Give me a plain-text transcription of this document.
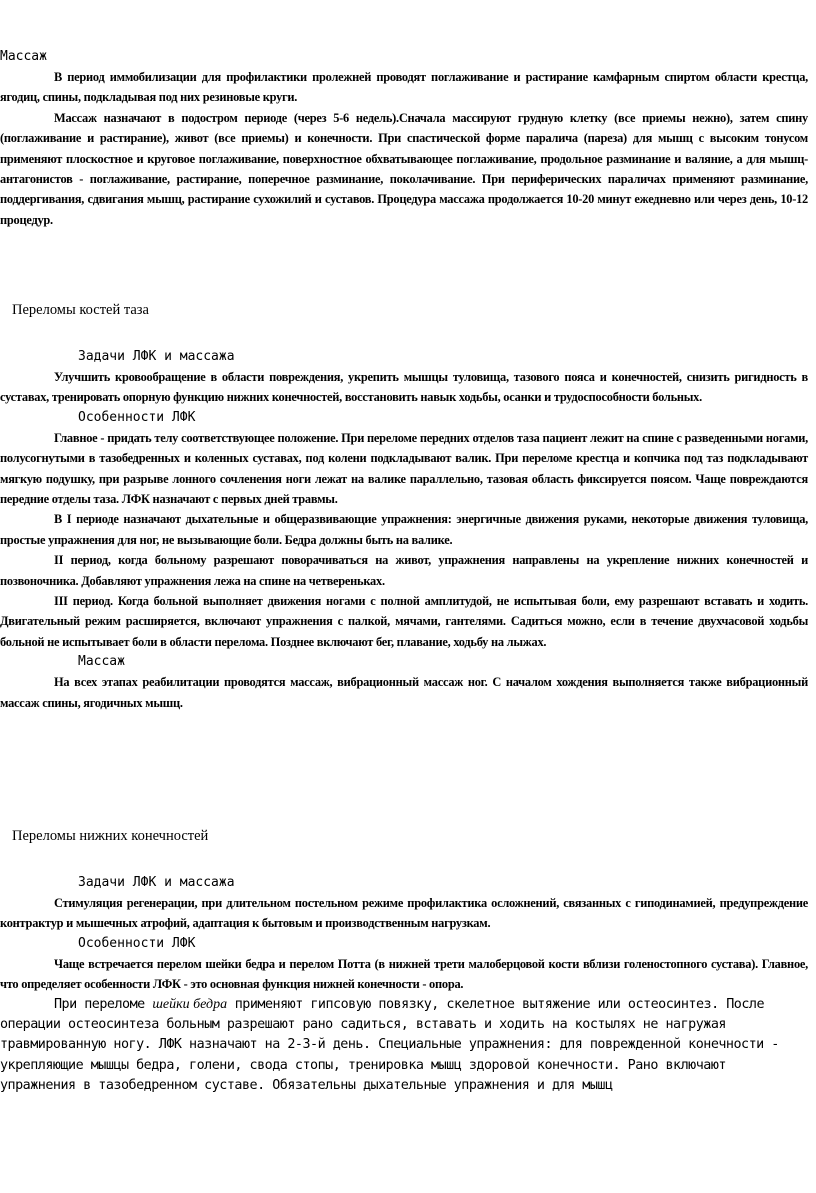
Массаж

В период иммобилизации для профилактики пролежней проводят поглаживание и растирание камфарным спиртом области крестца, ягодиц, спины, подкладывая под них резиновые круги.

Массаж назначают в подостром периоде (через 5-6 недель).Сначала массируют грудную клетку (все приемы нежно), затем спину (поглаживание и растирание), живот (все приемы) и конечности. При спастической форме паралича (пареза) для мышц с высоким тонусом применяют плоскостное и круговое поглаживание, поверхностное обхватывающее поглаживание, продольное разминание и валяние, а для мышц-антагонистов - поглаживание, растирание, поперечное разминание, поколачивание. При периферических параличах применяют разминание, поддергивания, сдвигания мышц, растирание сухожилий и суставов. Процедура массажа продолжается 10-20 минут ежедневно или через день, 10-12 процедур.

Переломы костей таза

Задачи ЛФК и массажа

Улучшить кровообращение в области повреждения, укрепить мышцы туловища, тазового пояса и конечностей, снизить ригидность в суставах, тренировать опорную функцию нижних конечностей, восстановить навык ходьбы, осанки и трудоспособности больных.

Особенности ЛФК

Главное - придать телу соответствующее положение. При переломе передних отделов таза пациент лежит на спине с разведенными ногами, полусогнутыми в тазобедренных и коленных суставах, под колени подкладывают валик. При переломе крестца и копчика под таз подкладывают мягкую подушку, при разрыве лонного сочленения ноги лежат на валике параллельно, тазовая область фиксируется поясом. Чаще повреждаются передние отделы таза. ЛФК назначают с первых дней травмы.

В I периоде назначают дыхательные и общеразвивающие упражнения: энергичные движения руками, некоторые движения туловища, простые упражнения для ног, не вызывающие боли. Бедра должны быть на валике.

II период, когда больному разрешают поворачиваться на живот, упражнения направлены на укрепление нижних конечностей и позвоночника. Добавляют упражнения лежа на спине на четвереньках.

III период. Когда больной выполняет движения ногами с полной амплитудой, не испытывая боли, ему разрешают вставать и ходить. Двигательный режим расширяется, включают упражнения с палкой, мячами, гантелями. Садиться можно, если в течение двухчасовой ходьбы больной не испытывает боли в области перелома. Позднее включают бег, плавание, ходьбу на лыжах.

Массаж

На всех этапах реабилитации проводятся массаж, вибрационный массаж ног. С началом хождения выполняется также вибрационный массаж спины, ягодичных мышц.

Переломы нижних конечностей

Задачи ЛФК и массажа

Стимуляция регенерации, при длительном постельном режиме профилактика осложнений, связанных с гиподинамией, предупреждение контрактур и мышечных атрофий, адаптация к бытовым и производственным нагрузкам.

Особенности ЛФК

Чаще встречается перелом шейки бедра и перелом Потта (в нижней трети малоберцовой кости вблизи голеностопного сустава). Главное, что определяет особенности ЛФК - это основная функция нижней конечности - опора.

При переломе шейки бедра применяют гипсовую повязку, скелетное вытяжение или остеосинтез. После операции остеосинтеза больным разрешают рано садиться, вставать и ходить на костылях не нагружая травмированную ногу. ЛФК назначают на 2-3-й день. Специальные упражнения: для поврежденной конечности - укрепляющие мышцы бедра, голени, свода стопы, тренировка мышц здоровой конечности. Рано включают упражнения в тазобедренном суставе. Обязательны дыхательные упражнения и для мышц
